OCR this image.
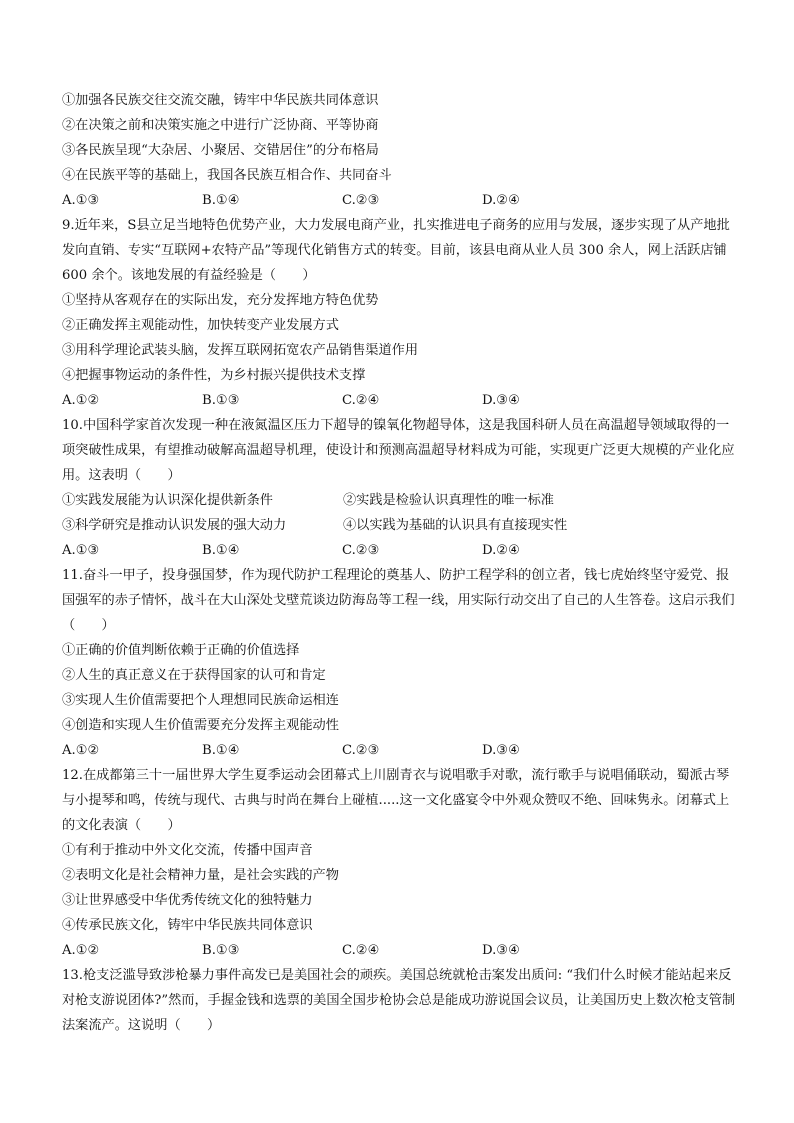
①加强各民族交往交流交融，铸牢中华民族共同体意识
②在决策之前和决策实施之中进行广泛协商、平等协商
③各民族呈现“大杂居、小聚居、交错居住”的分布格局
④在民族平等的基础上，我国各民族互相合作、共同奋斗
A.①③	B.①④	C.②③	D.②④
9.近年来，S县立足当地特色优势产业，大力发展电商产业，扎实推进电子商务的应用与发展，逐步实现了从产地批发向直销、专实“互联网+农特产品”等现代化销售方式的转变。目前，该县电商从业人员 300 余人，网上活跃店铺 600 余个。该地发展的有益经验是（　　）
①坚持从客观存在的实际出发，充分发挥地方特色优势
②正确发挥主观能动性，加快转变产业发展方式
③用科学理论武装头脑，发挥互联网拓宽农产品销售渠道作用
④把握事物运动的条件性，为乡村振兴提供技术支撑
A.①②	B.①③	C.②④	D.③④
10.中国科学家首次发现一种在液氮温区压力下超导的镍氧化物超导体，这是我国科研人员在高温超导领域取得的一项突破性成果，有望推动破解高温超导机理，使设计和预测高温超导材料成为可能，实现更广泛更大规模的产业化应用。这表明（　　）
①实践发展能为认识深化提供新条件	②实践是检验认识真理性的唯一标准
③科学研究是推动认识发展的强大动力	④以实践为基础的认识具有直接现实性
A.①③	B.①④	C.②③	D.②④
11.奋斗一甲子，投身强国梦，作为现代防护工程理论的奠基人、防护工程学科的创立者，钱七虎始终坚守爱党、报国强军的赤子情怀，战斗在大山深处戈壁荒谈边防海岛等工程一线，用实际行动交出了自己的人生答卷。这启示我们（　　）
①正确的价值判断依赖于正确的价值选择
②人生的真正意义在于获得国家的认可和肯定
③实现人生价值需要把个人理想同民族命运相连
④创造和实现人生价值需要充分发挥主观能动性
A.①②	B.①④	C.②③	D.③④
12.在成都第三十一届世界大学生夏季运动会团幕式上川剧青衣与说唱歌手对歌，流行歌手与说唱俑联动，蜀派古琴与小提琴和鸣，传统与现代、古典与时尚在舞台上碰植.....这一文化盛宴令中外观众赞叹不绝、回味隽永。闭幕式上的文化表演（　　）
①有利于推动中外文化交流，传播中国声音
②表明文化是社会精神力量，是社会实践的产物
③让世界感受中华优秀传统文化的独特魅力
④传承民族文化，铸牢中华民族共同体意识
A.①②	B.①③	C.②④	D.③④
13.枪支泛滥导致涉枪暴力事件高发已是美国社会的顽疾。美国总统就枪击案发出质问: “我们什么时候才能站起来反对枪支游说团体?”然而，手握金钱和选票的美国全国步枪协会总是能成功游说国会议员，让美国历史上数次枪支管制法案流产。这说明（　　）
